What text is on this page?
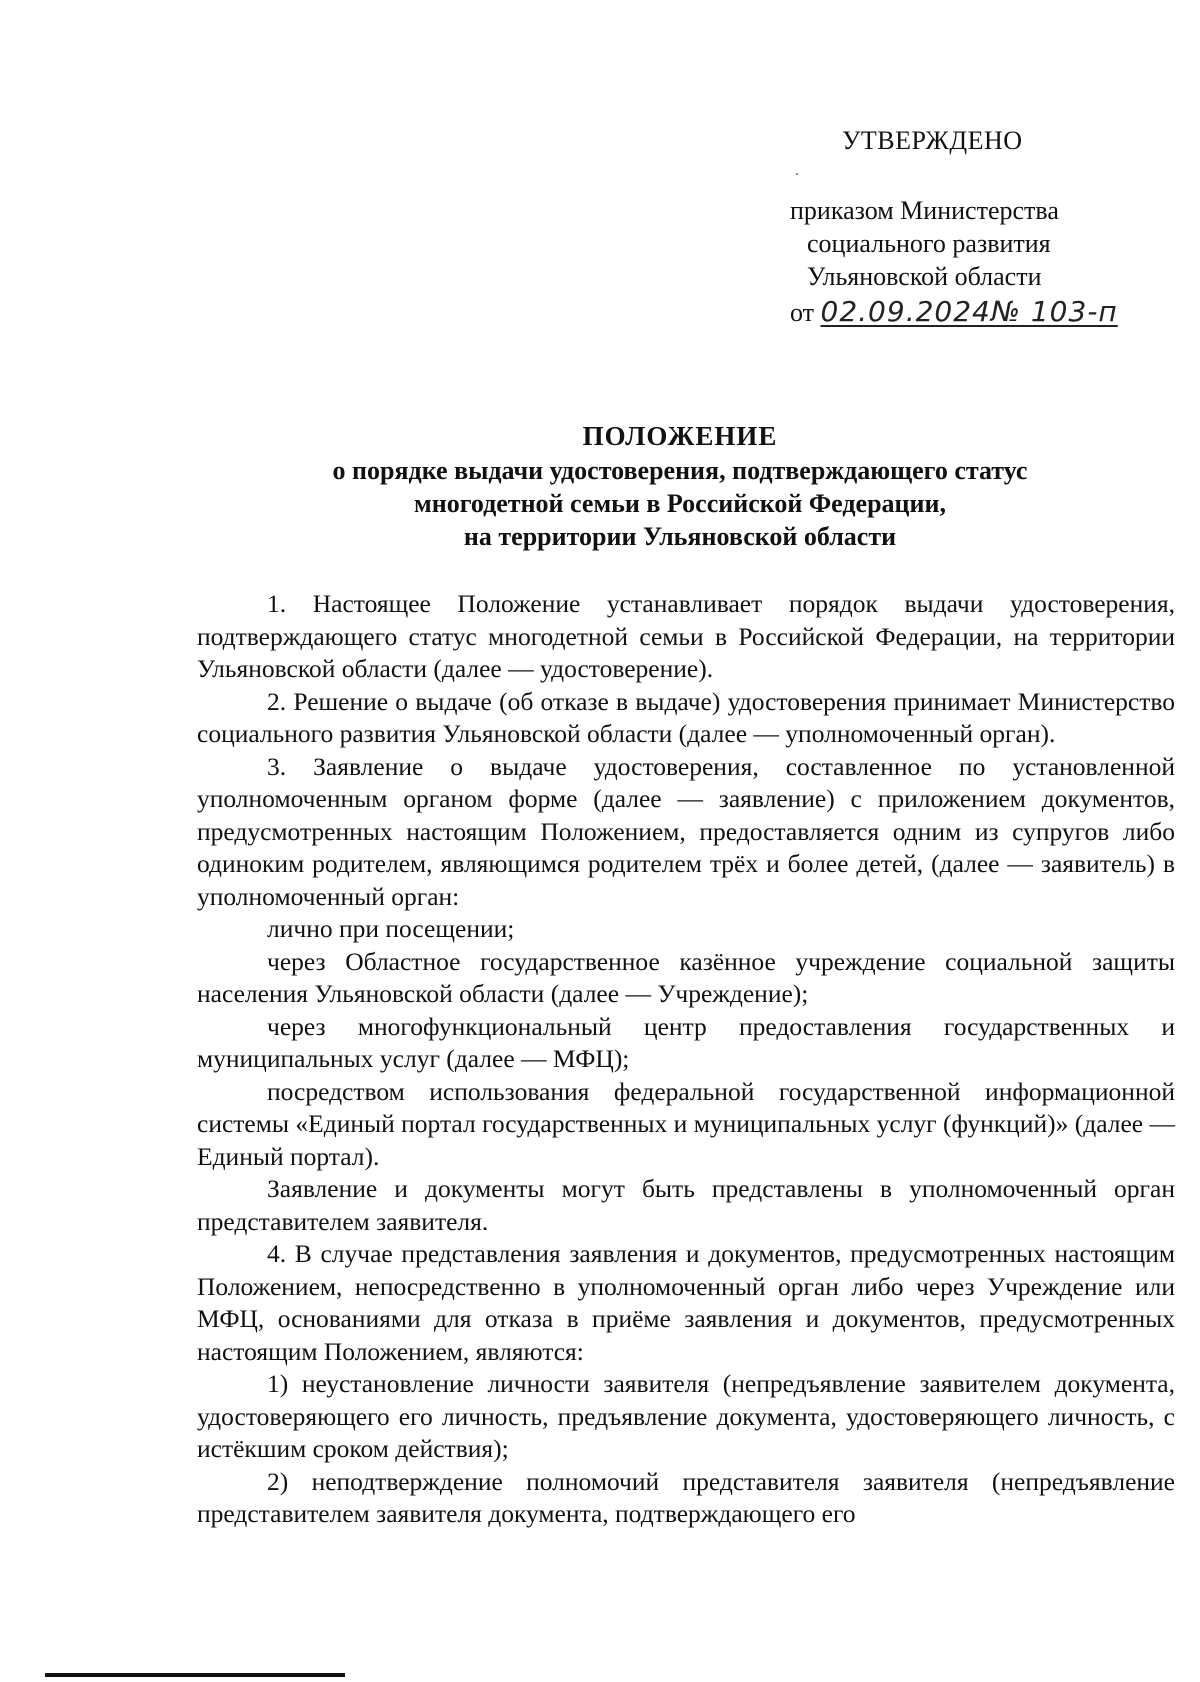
УТВЕРЖДЕНО
приказом Министерства
социального развития
Ульяновской области
от 02.09.2024№ 103-п
ПОЛОЖЕНИЕ
о порядке выдачи удостоверения, подтверждающего статус
многодетной семьи в Российской Федерации,
на территории Ульяновской области

1. Настоящее Положение устанавливает порядок выдачи удостоверения, подтверждающего статус многодетной семьи в Российской Федерации, на территории Ульяновской области (далее — удостоверение).

2. Решение о выдаче (об отказе в выдаче) удостоверения принимает Министерство социального развития Ульяновской области (далее — уполномоченный орган).

3. Заявление о выдаче удостоверения, составленное по установленной уполномоченным органом форме (далее — заявление) с приложением документов, предусмотренных настоящим Положением, предоставляется одним из супругов либо одиноким родителем, являющимся родителем трёх и более детей, (далее — заявитель) в уполномоченный орган:

лично при посещении;

через Областное государственное казённое учреждение социальной защиты населения Ульяновской области (далее — Учреждение);

через многофункциональный центр предоставления государственных и муниципальных услуг (далее — МФЦ);

посредством использования федеральной государственной информационной системы «Единый портал государственных и муниципальных услуг (функций)» (далее — Единый портал).

Заявление и документы могут быть представлены в уполномоченный орган представителем заявителя.

4. В случае представления заявления и документов, предусмотренных настоящим Положением, непосредственно в уполномоченный орган либо через Учреждение или МФЦ, основаниями для отказа в приёме заявления и документов, предусмотренных настоящим Положением, являются:

1) неустановление личности заявителя (непредъявление заявителем документа, удостоверяющего его личность, предъявление документа, удостоверяющего личность, с истёкшим сроком действия);

2) неподтверждение полномочий представителя заявителя (непредъявление представителем заявителя документа, подтверждающего его
